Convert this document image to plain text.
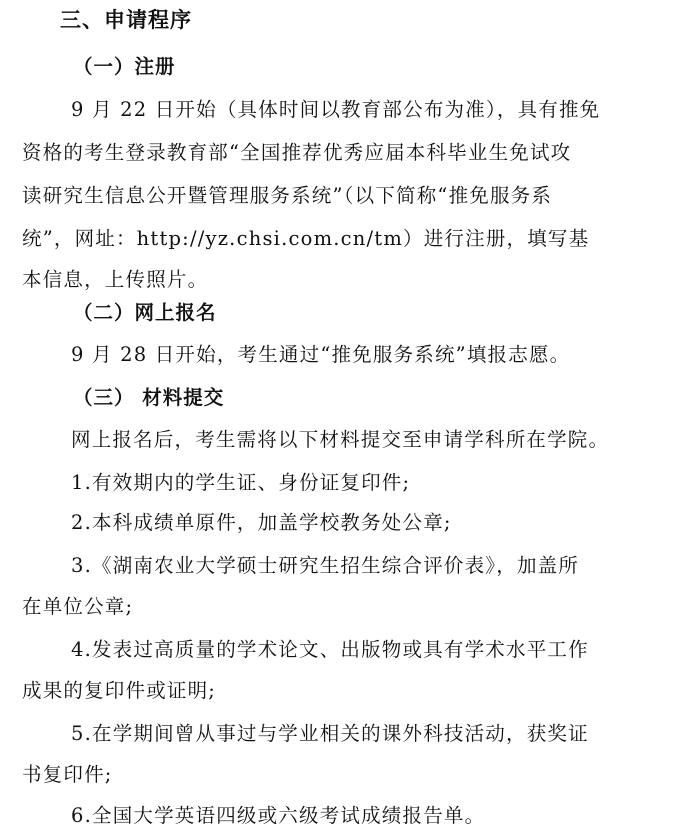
三、申请程序
（一）注册
9 月 22 日开始（具体时间以教育部公布为准），具有推免
资格的考生登录教育部“全国推荐优秀应届本科毕业生免试攻
读研究生信息公开暨管理服务系统”（以下简称“推免服务系
统”，网址：http://yz.chsi.com.cn/tm）进行注册，填写基
本信息，上传照片。
（二）网上报名
9 月 28 日开始，考生通过“推免服务系统”填报志愿。
（三） 材料提交
网上报名后，考生需将以下材料提交至申请学科所在学院。
1.有效期内的学生证、身份证复印件;
2.本科成绩单原件，加盖学校教务处公章;
3.《湖南农业大学硕士研究生招生综合评价表》，加盖所
在单位公章;
4.发表过高质量的学术论文、出版物或具有学术水平工作
成果的复印件或证明;
5.在学期间曾从事过与学业相关的课外科技活动，获奖证
书复印件;
6.全国大学英语四级或六级考试成绩报告单。
